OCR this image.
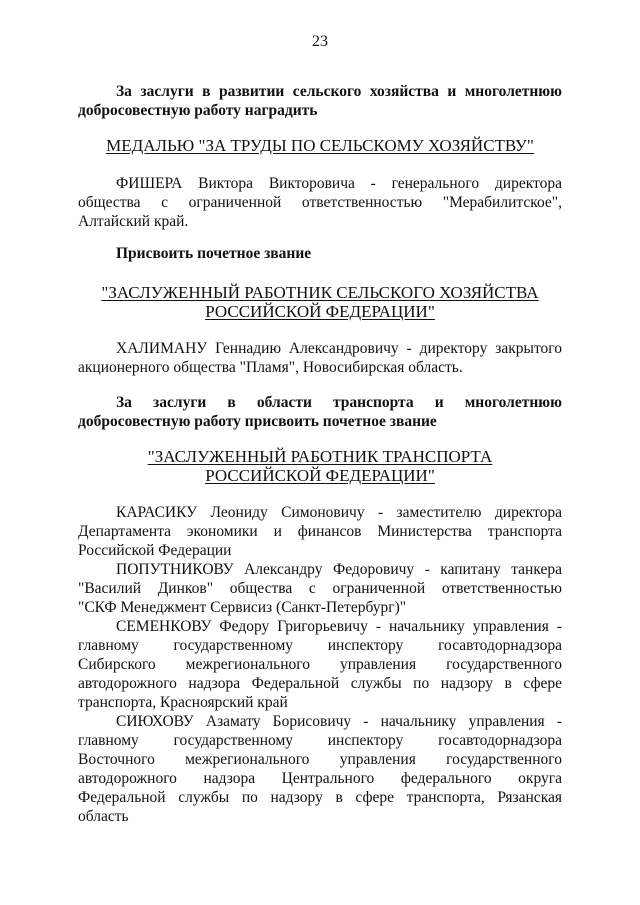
23
За заслуги в развитии сельского хозяйства и многолетнюю
добросовестную работу наградить
МЕДАЛЬЮ "ЗА ТРУДЫ ПО СЕЛЬСКОМУ ХОЗЯЙСТВУ"
ФИШЕРА Виктора Викторовича - генерального директора
общества с ограниченной ответственностью "Мерабилитское",
Алтайский край.
Присвоить почетное звание
"ЗАСЛУЖЕННЫЙ РАБОТНИК СЕЛЬСКОГО ХОЗЯЙСТВА
РОССИЙСКОЙ ФЕДЕРАЦИИ"
ХАЛИМАНУ Геннадию Александровичу - директору закрытого
акционерного общества "Пламя", Новосибирская область.
За заслуги в области транспорта и многолетнюю
добросовестную работу присвоить почетное звание
"ЗАСЛУЖЕННЫЙ РАБОТНИК ТРАНСПОРТА
РОССИЙСКОЙ ФЕДЕРАЦИИ"
КАРАСИКУ Леониду Симоновичу - заместителю директора
Департамента экономики и финансов Министерства транспорта
Российской Федерации
ПОПУТНИКОВУ Александру Федоровичу - капитану танкера
"Василий Динков" общества с ограниченной ответственностью
"СКФ Менеджмент Сервисиз (Санкт-Петербург)"
СЕМЕНКОВУ Федору Григорьевичу - начальнику управления -
главному государственному инспектору госавтодорнадзора
Сибирского межрегионального управления государственного
автодорожного надзора Федеральной службы по надзору в сфере
транспорта, Красноярский край
СИЮХОВУ Азамату Борисовичу - начальнику управления -
главному государственному инспектору госавтодорнадзора
Восточного межрегионального управления государственного
автодорожного надзора Центрального федерального округа
Федеральной службы по надзору в сфере транспорта, Рязанская
область
